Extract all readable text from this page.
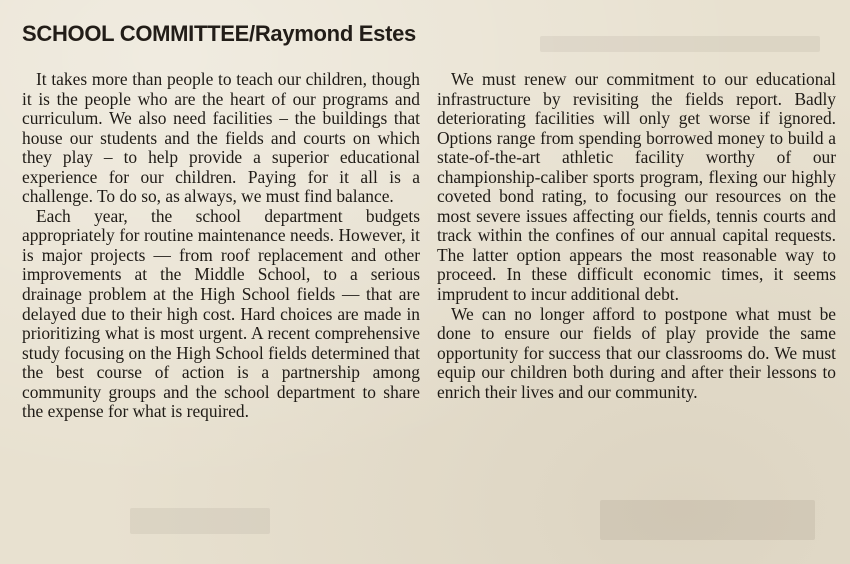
SCHOOL COMMITTEE/Raymond Estes

It takes more than people to teach our children, though it is the people who are the heart of our programs and curriculum. We also need facilities – the buildings that house our students and the fields and courts on which they play – to help provide a superior educational experience for our children. Paying for it all is a challenge. To do so, as always, we must find balance.

Each year, the school department budgets appropriately for routine maintenance needs. However, it is major projects — from roof replacement and other improvements at the Middle School, to a serious drainage problem at the High School fields — that are delayed due to their high cost. Hard choices are made in prioritizing what is most urgent. A recent comprehensive study focusing on the High School fields determined that the best course of action is a partnership among community groups and the school department to share the expense for what is required.

We must renew our commitment to our educational infrastructure by revisiting the fields report. Badly deteriorating facilities will only get worse if ignored. Options range from spending borrowed money to build a state-of-the-art athletic facility worthy of our championship-caliber sports program, flexing our highly coveted bond rating, to focusing our resources on the most severe issues affecting our fields, tennis courts and track within the confines of our annual capital requests. The latter option appears the most reasonable way to proceed. In these difficult economic times, it seems imprudent to incur additional debt.

We can no longer afford to postpone what must be done to ensure our fields of play provide the same opportunity for success that our classrooms do. We must equip our children both during and after their lessons to enrich their lives and our community.
